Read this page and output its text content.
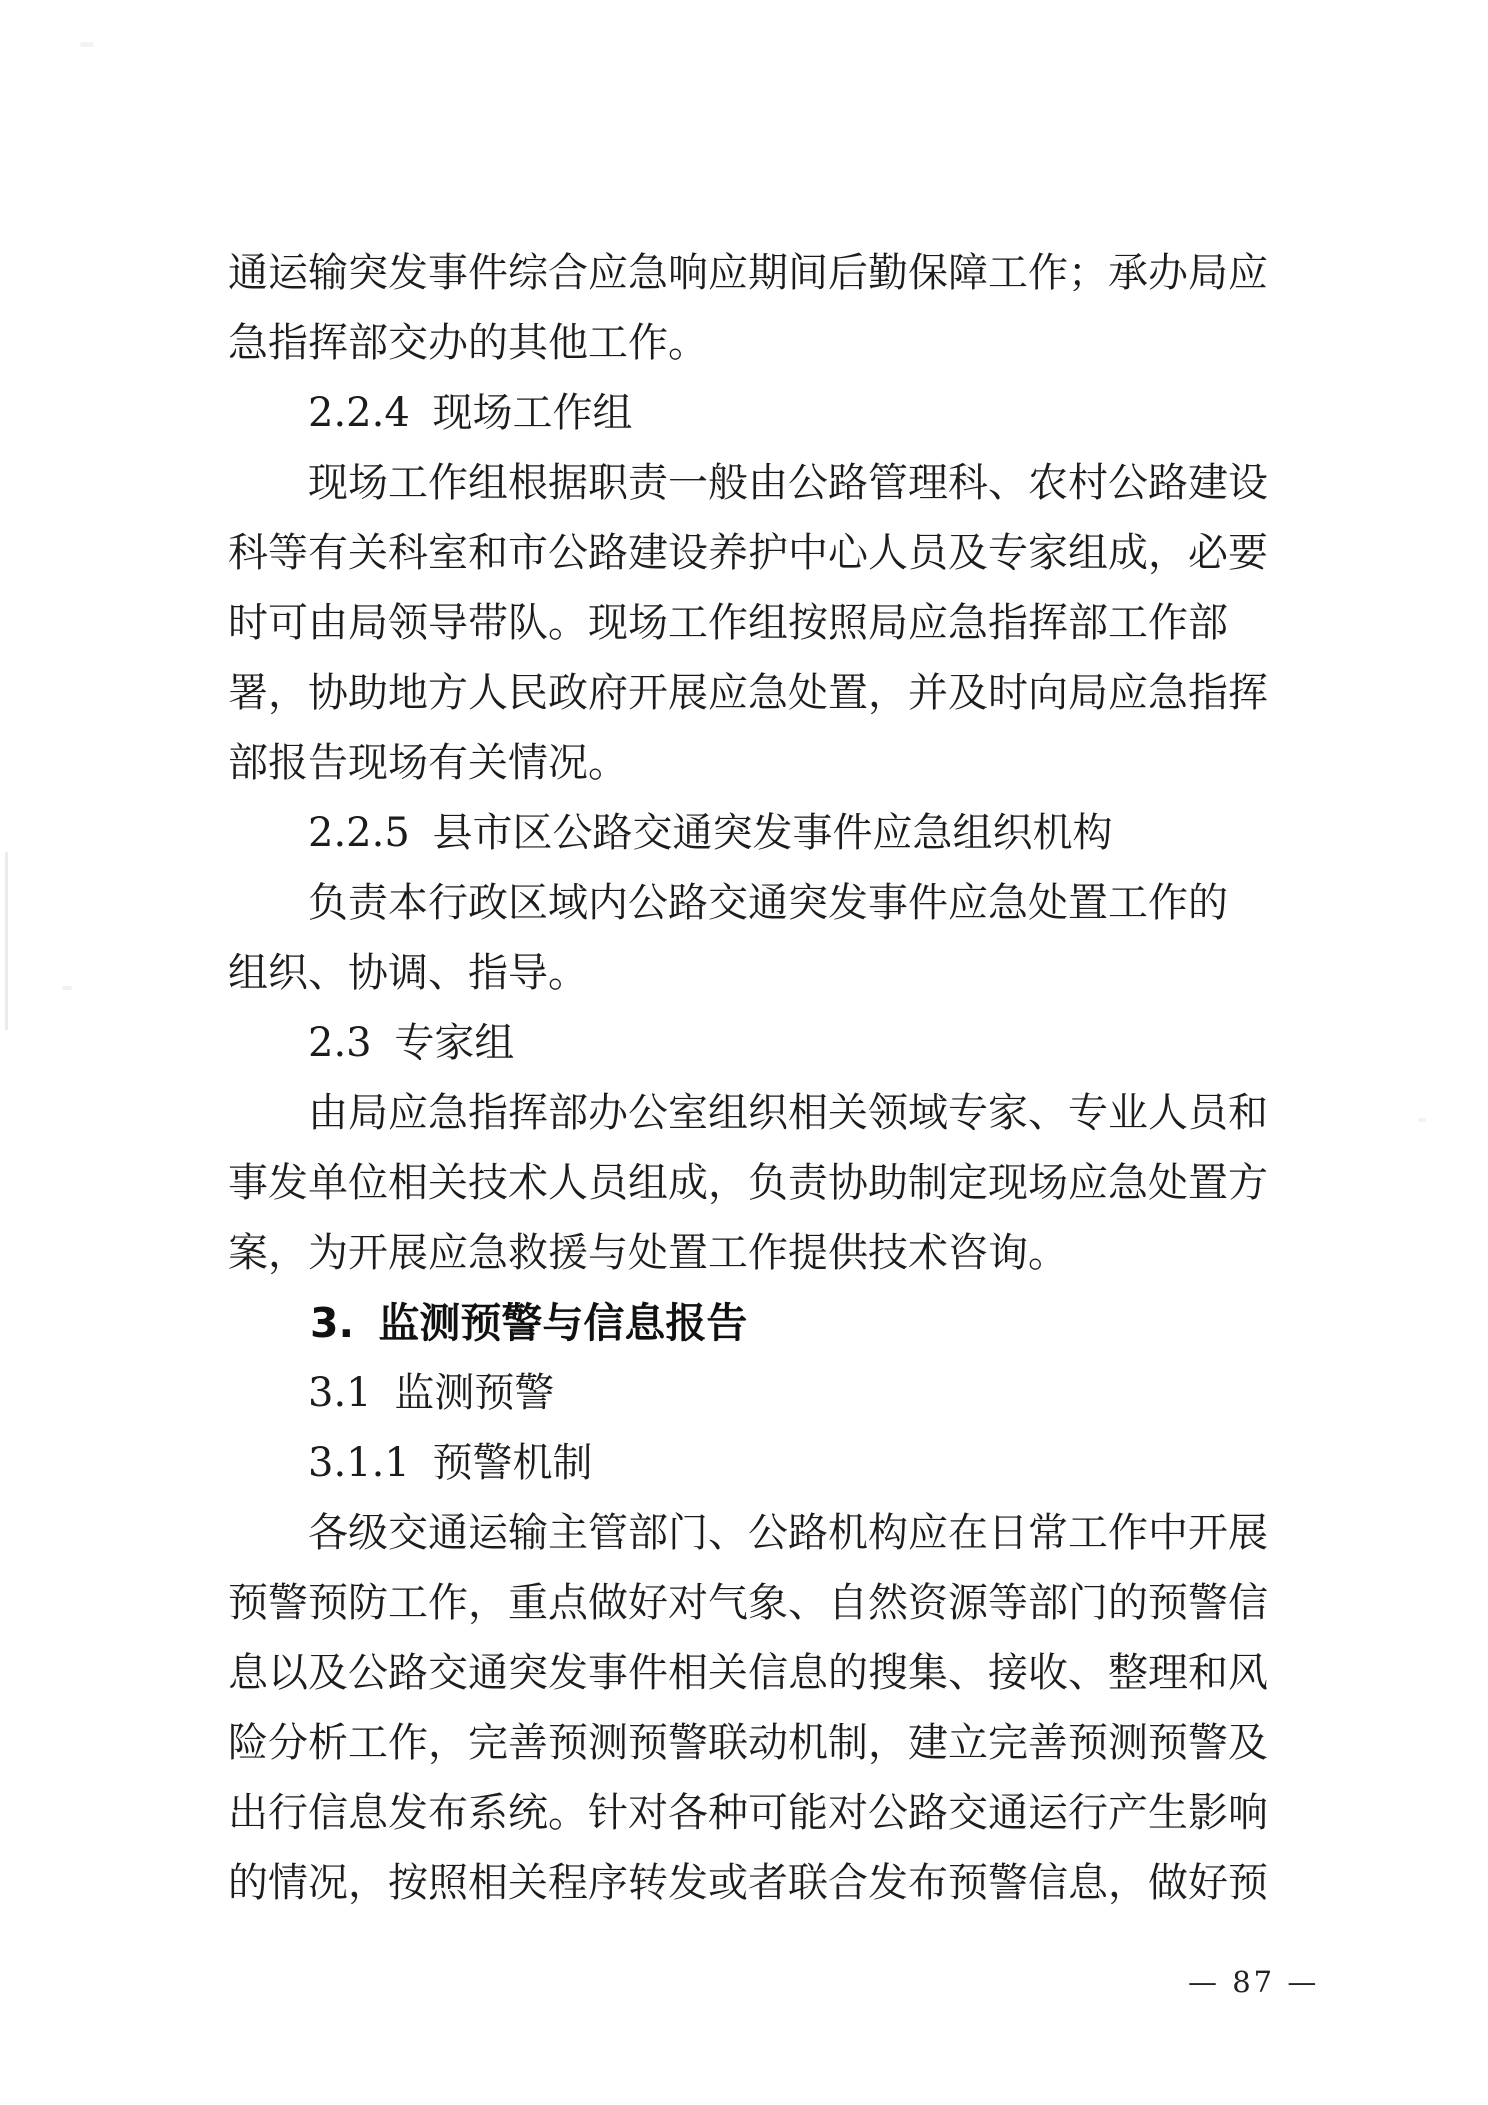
通运输突发事件综合应急响应期间后勤保障工作；承办局应
急指挥部交办的其他工作。
2.2.4 现场工作组
现场工作组根据职责一般由公路管理科、农村公路建设
科等有关科室和市公路建设养护中心人员及专家组成，必要
时可由局领导带队。现场工作组按照局应急指挥部工作部
署，协助地方人民政府开展应急处置，并及时向局应急指挥
部报告现场有关情况。
2.2.5 县市区公路交通突发事件应急组织机构
负责本行政区域内公路交通突发事件应急处置工作的
组织、协调、指导。
2.3 专家组
由局应急指挥部办公室组织相关领域专家、专业人员和
事发单位相关技术人员组成，负责协助制定现场应急处置方
案，为开展应急救援与处置工作提供技术咨询。
3. 监测预警与信息报告
3.1 监测预警
3.1.1 预警机制
各级交通运输主管部门、公路机构应在日常工作中开展
预警预防工作，重点做好对气象、自然资源等部门的预警信
息以及公路交通突发事件相关信息的搜集、接收、整理和风
险分析工作，完善预测预警联动机制，建立完善预测预警及
出行信息发布系统。针对各种可能对公路交通运行产生影响
的情况，按照相关程序转发或者联合发布预警信息，做好预
— 87 —
